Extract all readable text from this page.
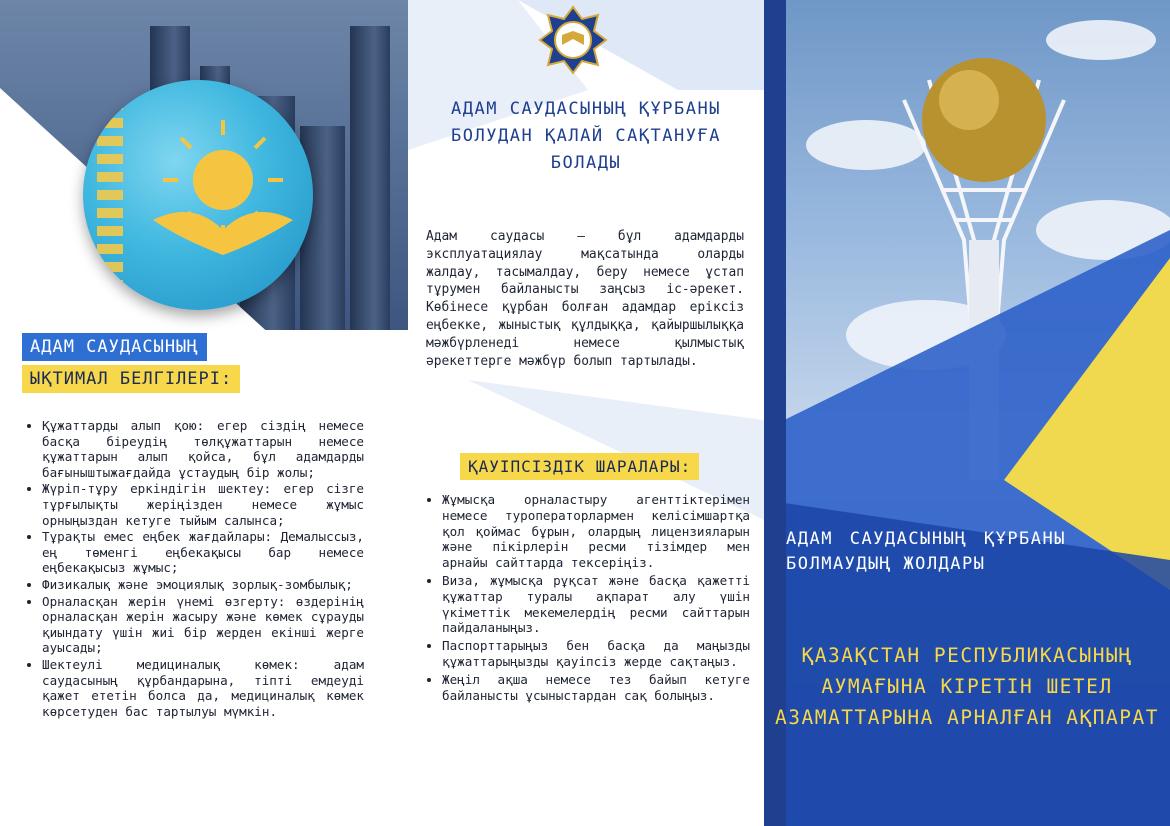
АДАМ САУДАСЫНЫҢ
ЫҚТИМАЛ БЕЛГІЛЕРІ:
• Құжаттарды алып қою: егер сіздің немесе басқа біреудің төлқұжаттарын немесе құжаттарын алып қойса, бұл адамдарды бағыныштыжағдайда ұстаудың бір жолы;
• Жүріп-тұру еркіндігін шектеу: егер сізге тұрғылықты жеріңізден немесе жұмыс орныңыздан кетуге тыйым салынса;
• Тұрақты емес еңбек жағдайлары: Демалыссыз, ең төменгі еңбекақысы бар немесе еңбекақысыз жұмыс;
• Физикалық және эмоциялық зорлық-зомбылық;
• Орналасқан жерін үнемі өзгерту: өздерінің орналасқан жерін жасыру және көмек сұрауды қиындату үшін жиі бір жерден екінші жерге ауысады;
• Шектеулі медициналық көмек: адам саудасының құрбандарына, тіпті емдеуді қажет ететін болса да, медициналық көмек көрсетуден бас тартылуы мүмкін.
АДАМ САУДАСЫНЫҢ ҚҰРБАНЫ БОЛУДАН ҚАЛАЙ САҚТАНУҒА БОЛАДЫ

Адам саудасы — бұл адамдарды эксплуатациялау мақсатында оларды жалдау, тасымалдау, беру немесе ұстап тұрумен байланысты заңсыз іс-әрекет. Көбінесе құрбан болған адамдар еріксіз еңбекке, жыныстық құлдыққа, қайыршылыққа мәжбүрленеді немесе қылмыстық әрекеттерге мәжбүр болып тартылады.

ҚАУІПСІЗДІК ШАРАЛАРЫ:
• Жұмысқа орналастыру агенттіктерімен немесе туроператорлармен келісімшартқа қол қоймас бұрын, олардың лицензияларын және пікірлерін ресми тізімдер мен арнайы сайттарда тексеріңіз.
• Виза, жұмысқа рұқсат және басқа қажетті құжаттар туралы ақпарат алу үшін үкіметтік мекемелердің ресми сайттарын пайдаланыңыз.
• Паспорттарыңыз бен басқа да маңызды құжаттарыңызды қауіпсіз жерде сақтаңыз.
• Жеңіл ақша немесе тез байып кетуге байланысты ұсыныстардан сақ болыңыз.

АДАМ САУДАСЫНЫҢ ҚҰРБАНЫ БОЛМАУДЫҢ ЖОЛДАРЫ

ҚАЗАҚСТАН РЕСПУБЛИКАСЫНЫҢ АУМАҒЫНА КІРЕТІН ШЕТЕЛ АЗАМАТТАРЫНА АРНАЛҒАН АҚПАРАТ
